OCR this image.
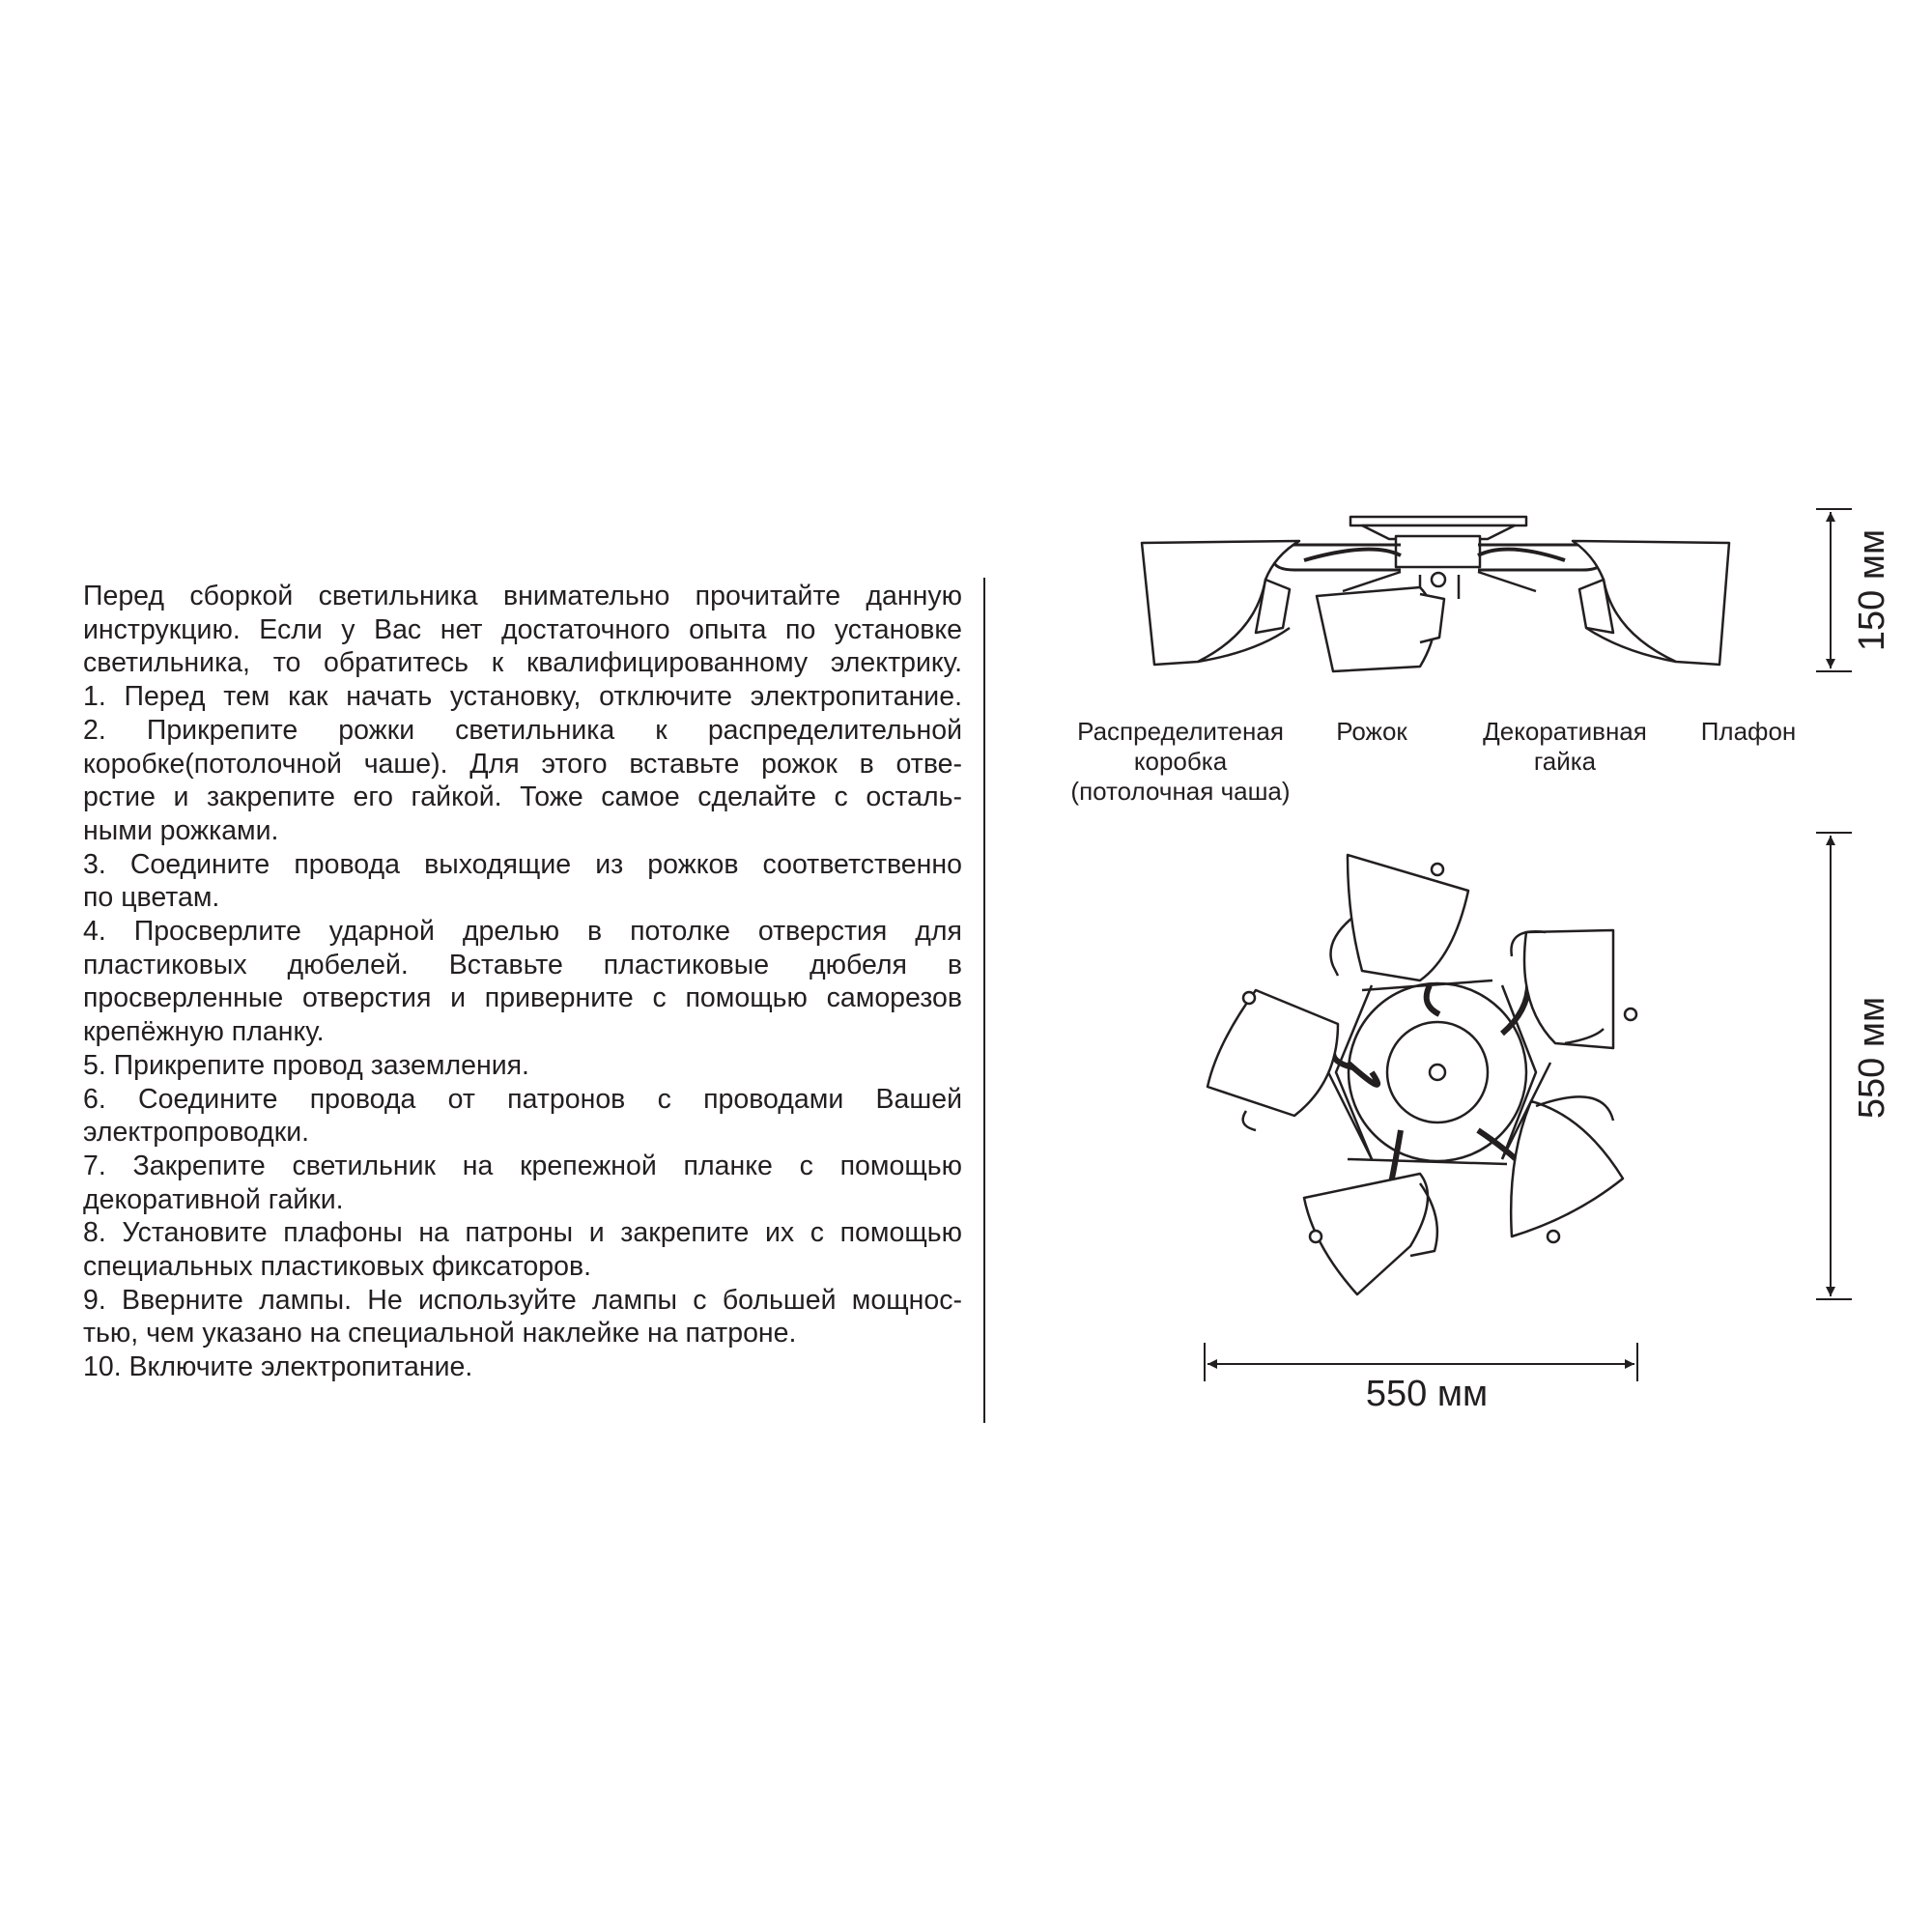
Перед сборкой светильника внимательно прочитайте данную
инструкцию. Если у Вас нет достаточного опыта по установке
светильника, то обратитесь к квалифицированному электрику.
1. Перед тем как начать установку, отключите электропитание.
2. Прикрепите рожки светильника к распределительной
коробке(потолочной чаше). Для этого вставьте рожок в отве-
рстие и закрепите его гайкой. Тоже самое сделайте с осталь-
ными рожками.
3. Соедините провода выходящие из рожков соответственно
по цветам.
4. Просверлите ударной дрелью в потолке отверстия для
пластиковых дюбелей. Вставьте пластиковые дюбеля в
просверленные отверстия и приверните с помощью саморезов
крепёжную планку.
5. Прикрепите провод заземления.
6. Соедините провода от патронов с проводами Вашей
электропроводки.
7. Закрепите светильник на крепежной планке с помощью
декоративной гайки.
8. Установите плафоны на патроны и закрепите их с помощью
специальных пластиковых фиксаторов.
9. Вверните лампы. Не используйте лампы с большей мощнос-
тью, чем указано на специальной наклейке на патроне.
10. Включите электропитание.
Распределитеная
коробка
(потолочная чаша)
Рожок	Декоративная
гайка
Плафон
150 мм
550 мм
550 мм
